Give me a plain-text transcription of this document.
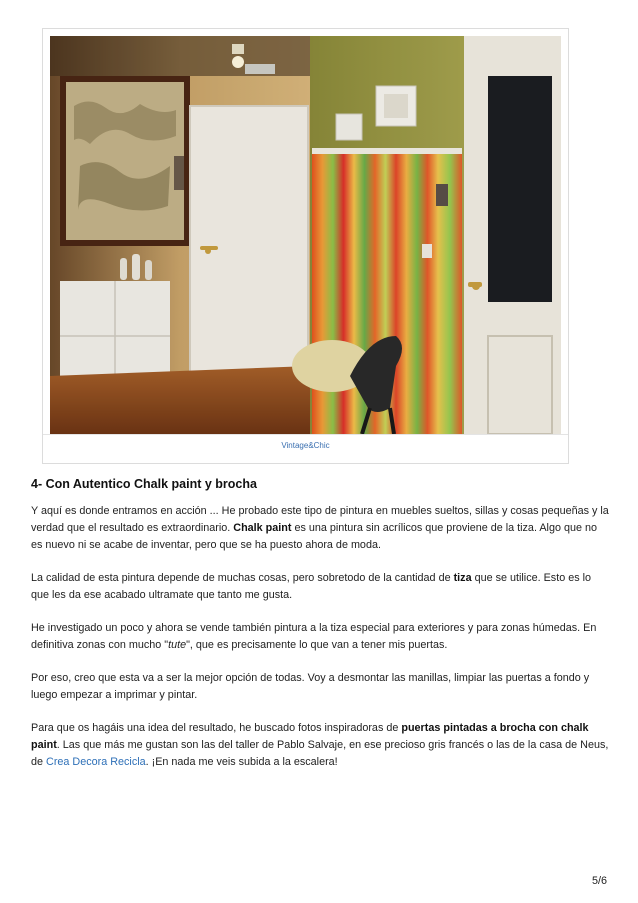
Vintage&Chic
4- Con Autentico Chalk paint y brocha

Y aquí es donde entramos en acción ... He probado este tipo de pintura en muebles sueltos, sillas y cosas pequeñas y la verdad que el resultado es extraordinario. Chalk paint es una pintura sin acrílicos que proviene de la tiza. Algo que no es nuevo ni se acabe de inventar, pero que se ha puesto ahora de moda.

La calidad de esta pintura depende de muchas cosas, pero sobretodo de la cantidad de tiza que se utilice. Esto es lo que les da ese acabado ultramate que tanto me gusta.

He investigado un poco y ahora se vende también pintura a la tiza especial para exteriores y para zonas húmedas. En definitiva zonas con mucho "tute", que es precisamente lo que van a tener mis puertas.

Por eso, creo que esta va a ser la mejor opción de todas. Voy a desmontar las manillas, limpiar las puertas a fondo y luego empezar a imprimar y pintar.

Para que os hagáis una idea del resultado, he buscado fotos inspiradoras de puertas pintadas a brocha con chalk paint. Las que más me gustan son las del taller de Pablo Salvaje, en ese precioso gris francés o las de la casa de Neus, de Crea Decora Recicla. ¡En nada me veis subida a la escalera!

5/6
